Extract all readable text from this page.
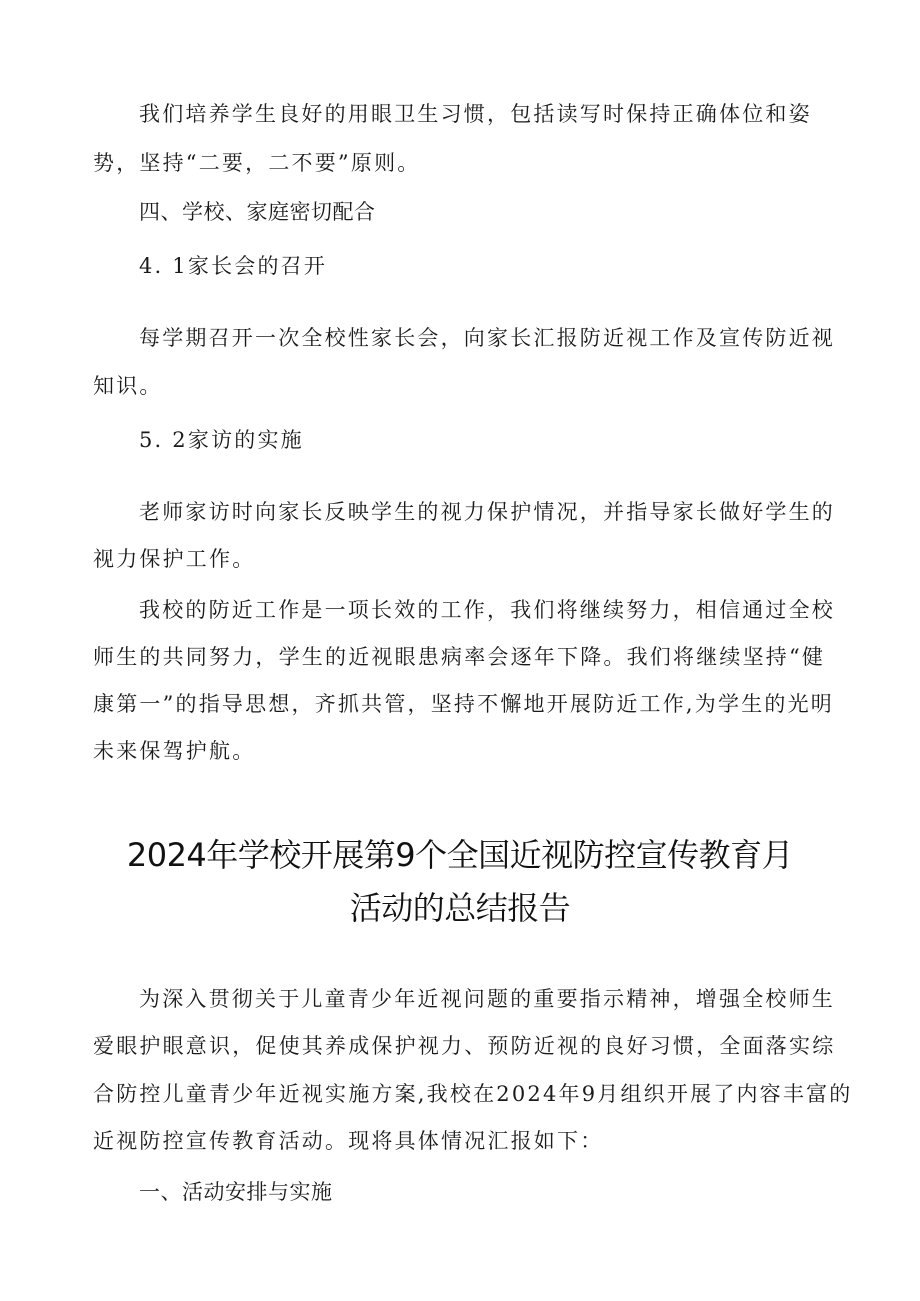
我们培养学生良好的用眼卫生习惯，包括读写时保持正确体位和姿
势，坚持“二要，二不要”原则。
四、学校、家庭密切配合
4. 1家长会的召开
每学期召开一次全校性家长会，向家长汇报防近视工作及宣传防近视
知识。
5. 2家访的实施
老师家访时向家长反映学生的视力保护情况，并指导家长做好学生的
视力保护工作。
我校的防近工作是一项长效的工作，我们将继续努力，相信通过全校
师生的共同努力，学生的近视眼患病率会逐年下降。我们将继续坚持“健
康第一”的指导思想，齐抓共管，坚持不懈地开展防近工作,为学生的光明
未来保驾护航。
2024年学校开展第9个全国近视防控宣传教育月
活动的总结报告
为深入贯彻关于儿童青少年近视问题的重要指示精神，增强全校师生
爱眼护眼意识，促使其养成保护视力、预防近视的良好习惯，全面落实综
合防控儿童青少年近视实施方案,我校在2024年9月组织开展了内容丰富的
近视防控宣传教育活动。现将具体情况汇报如下：
一、活动安排与实施
